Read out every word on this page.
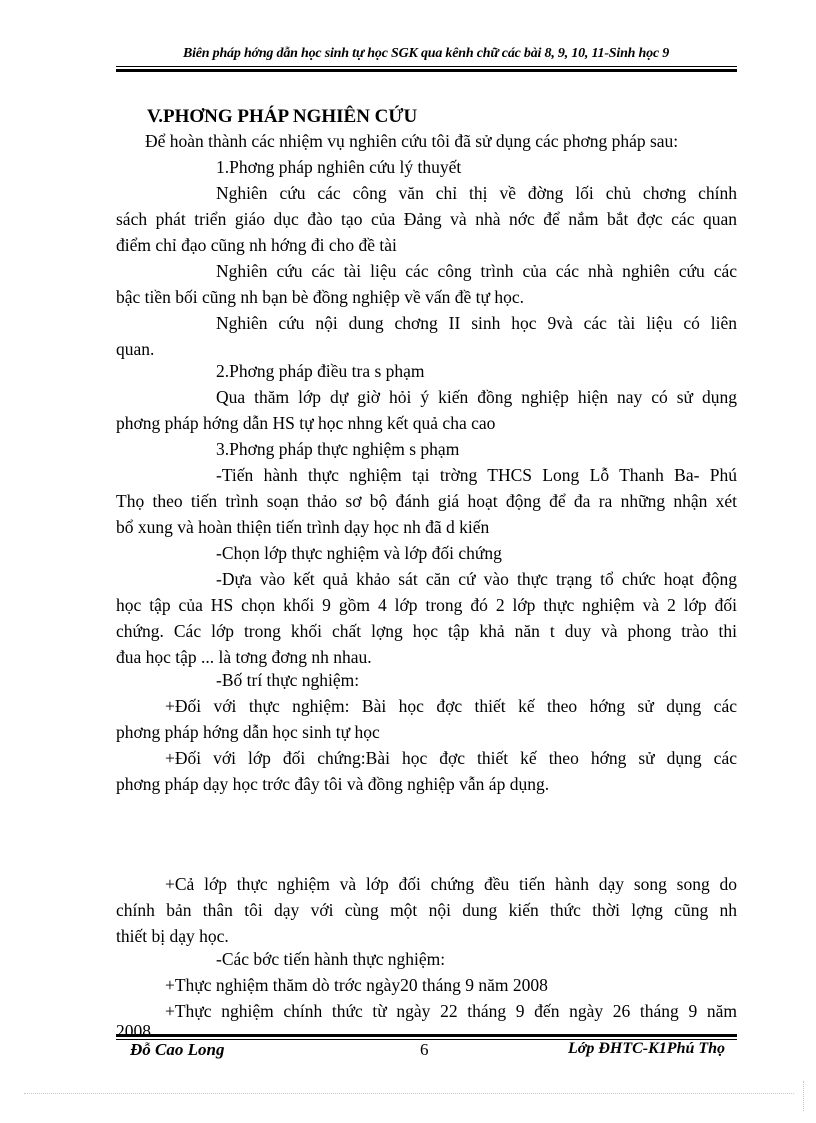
Biên pháp hớng dẫn học sinh tự học SGK qua kênh chữ các bài 8, 9, 10, 11-Sinh học 9
V.PHƠNG PHÁP NGHIÊN CỨU
Để hoàn thành các nhiệm vụ nghiên cứu tôi đã sử dụng các phơng pháp sau:
1.Phơng pháp nghiên cứu lý thuyết
Nghiên cứu các công văn chỉ thị về đờng lối chủ chơng chính
sách phát triển giáo dục đào tạo của Đảng và nhà nớc để nắm bắt đợc các quan
điểm chỉ đạo cũng nh hớng đi cho đề tài
Nghiên cứu các tài liệu các công trình của các nhà nghiên cứu các
bậc tiền bối cũng nh bạn bè đồng nghiệp về vấn đề tự học.
Nghiên cứu nội dung chơng II sinh học 9và các tài liệu có liên
quan.
2.Phơng pháp điều tra s phạm
Qua thăm lớp dự giờ hỏi ý kiến đồng nghiệp hiện nay có sử dụng
phơng pháp hớng dẫn HS tự học nhng kết quả cha cao
3.Phơng pháp thực nghiệm s phạm
-Tiến hành thực nghiệm tại trờng THCS Long Lỗ Thanh Ba- Phú
Thọ theo tiến trình soạn thảo sơ bộ đánh giá hoạt động để đa ra những nhận xét
bổ xung và hoàn thiện tiến trình dạy học nh đã d kiến
-Chọn lớp thực nghiệm và lớp đối chứng
-Dựa vào kết quả khảo sát căn cứ vào thực trạng tổ chức hoạt động
học tập của HS chọn khối 9 gồm 4 lớp trong đó 2 lớp thực nghiệm và 2 lớp đối
chứng. Các lớp trong khối chất lợng học tập khả năn t duy và phong trào thi
đua học tập ... là tơng đơng nh nhau.
-Bố trí thực nghiệm:
+Đối với thực nghiệm: Bài học đợc thiết kế theo hớng sử dụng các
phơng pháp hớng dẫn học sinh tự học
+Đối với lớp đối chứng:Bài học đợc thiết kế theo hớng sử dụng các
phơng pháp dạy học trớc đây tôi và đồng nghiệp vẫn áp dụng.
+Cả lớp thực nghiệm và lớp đối chứng đều tiến hành dạy song song do
chính bản thân tôi dạy với cùng một nội dung kiến thức thời lợng cũng nh
thiết bị dạy học.
-Các bớc tiến hành thực nghiệm:
+Thực nghiệm thăm dò trớc ngày20 tháng 9 năm 2008
+Thực nghiệm chính thức từ ngày 22 tháng 9 đến ngày 26 tháng 9 năm
2008
Đỗ Cao Long	6	Lớp ĐHTC-K1Phú Thọ
